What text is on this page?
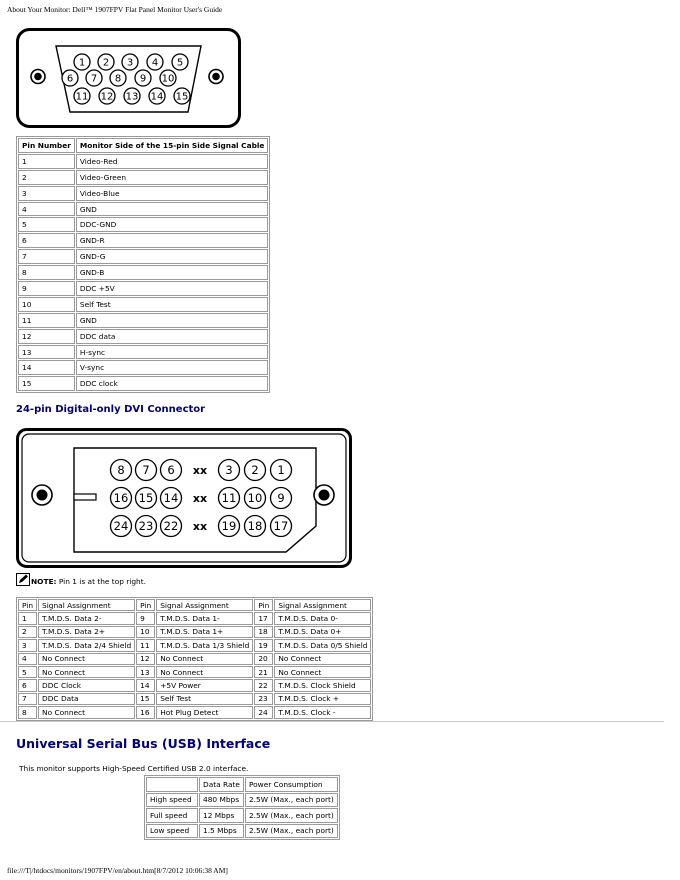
About Your Monitor: Dell™ 1907FPV Flat Panel Monitor User's Guide
1 2 3 4 5
6 7 8 9 10
11 12 13 14 15
Pin Number	Monitor Side of the 15-pin Side Signal Cable
1	Video-Red
2	Video-Green
3	Video-Blue
4	GND
5	DDC-GND
6	GND-R
7	GND-G
8	GND-B
9	DDC +5V
10	Self Test
11	GND
12	DDC data
13	H-sync
14	V-sync
15	DDC clock
24-pin Digital-only DVI Connector
8 7 6	3 2 1
xx
16 15 14	11 10 9
xx
24 23 22	19 18 17
xx
NOTE: Pin 1 is at the top right.
Pin	Signal Assignment	Pin	Signal Assignment	Pin	Signal Assignment
1	T.M.D.S. Data 2-	9	T.M.D.S. Data 1-	17	T.M.D.S. Data 0-
2	T.M.D.S. Data 2+	10	T.M.D.S. Data 1+	18	T.M.D.S. Data 0+
3	T.M.D.S. Data 2/4 Shield	11	T.M.D.S. Data 1/3 Shield	19	T.M.D.S. Data 0/5 Shield
4	No Connect	12	No Connect	20	No Connect
5	No Connect	13	No Connect	21	No Connect
6	DDC Clock	14	+5V Power	22	T.M.D.S. Clock Shield
7	DDC Data	15	Self Test	23	T.M.D.S. Clock +
8	No Connect	16	Hot Plug Detect	24	T.M.D.S. Clock -
Universal Serial Bus (USB) Interface
This monitor supports High-Speed Certified USB 2.0 interface.
	Data Rate	Power Consumption
High speed	480 Mbps	2.5W (Max., each port)
Full speed	12 Mbps	2.5W (Max., each port)
Low speed	1.5 Mbps	2.5W (Max., each port)
file:///T|/htdocs/monitors/1907FPV/en/about.htm[8/7/2012 10:06:38 AM]
